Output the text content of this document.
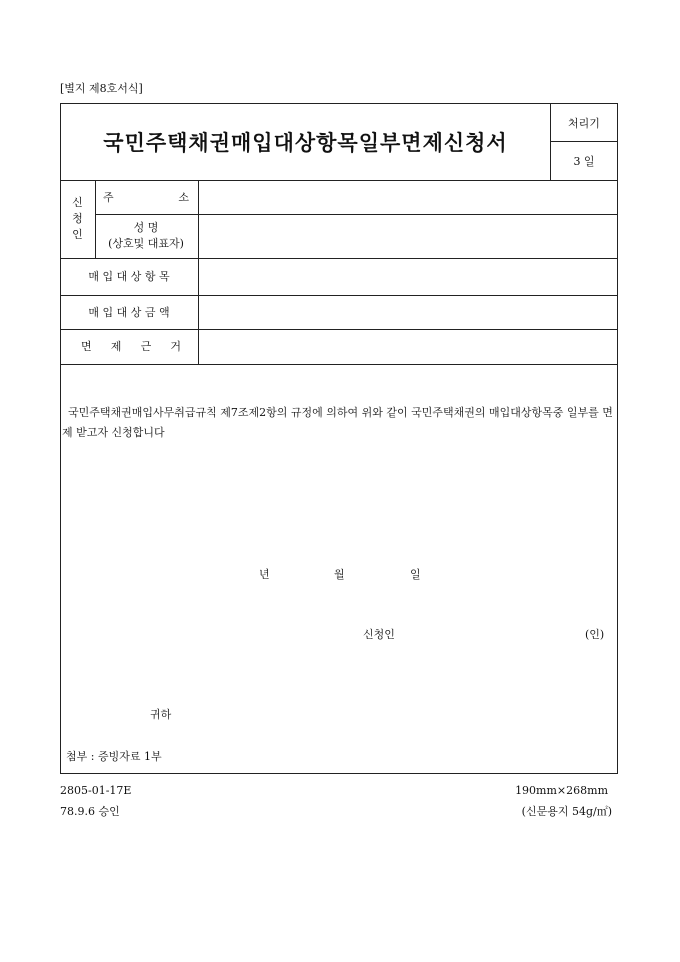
[별지 제8호서식]
국민주택채권매입대상항목일부면제신청서
처리기
3 일
신
청
인
주	소
성 명
(상호및 대표자)
매 입 대 상 항 목
매 입 대 상 금 액
면 제 근 거
국민주택채권매입사무취급규칙 제7조제2항의 규정에 의하여 위와 같이 국민주택채권의 매입대상항목중 일부를 면제 받고자 신청합니다
년	월	일
신청인	(인)
귀하
첨부 : 증빙자료 1부
2805-01-17E
78.9.6 승인
190mm×268mm
(신문용지 54g/㎡)
